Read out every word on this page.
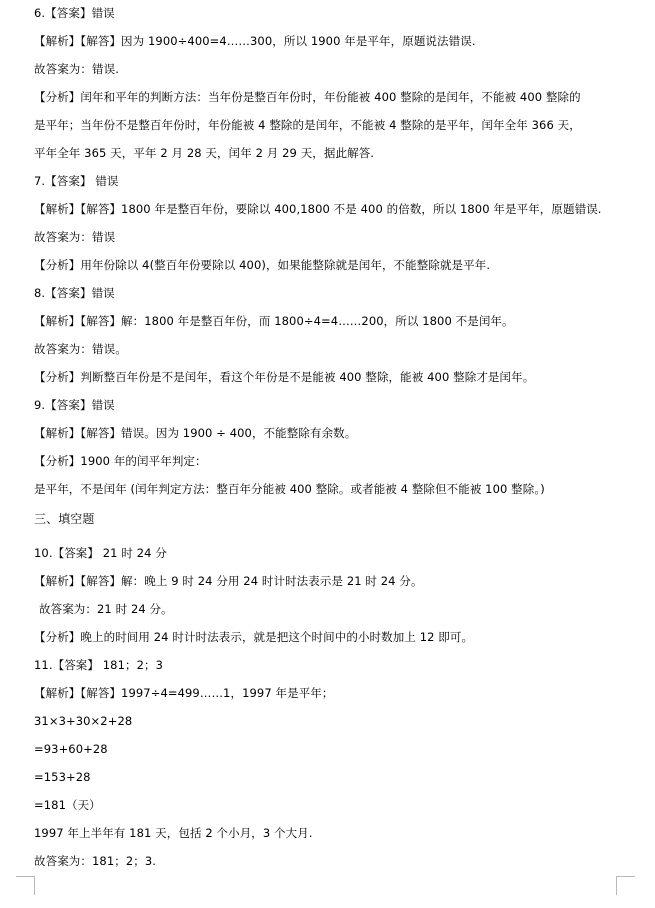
6.【答案】错误
【解析】【解答】因为 1900÷400=4……300，所以 1900 年是平年，原题说法错误.
故答案为：错误.
【分析】闰年和平年的判断方法：当年份是整百年份时，年份能被 400 整除的是闰年，不能被 400 整除的
是平年；当年份不是整百年份时，年份能被 4 整除的是闰年，不能被 4 整除的是平年，闰年全年 366 天，
平年全年 365 天，平年 2 月 28 天，闰年 2 月 29 天，据此解答.
7.【答案】 错误
【解析】【解答】1800 年是整百年份，要除以 400,1800 不是 400 的倍数，所以 1800 年是平年，原题错误.
故答案为：错误
【分析】用年份除以 4(整百年份要除以 400)，如果能整除就是闰年，不能整除就是平年.
8.【答案】错误
【解析】【解答】解：1800 年是整百年份，而 1800÷4=4……200，所以 1800 不是闰年。
故答案为：错误。
【分析】判断整百年份是不是闰年，看这个年份是不是能被 400 整除，能被 400 整除才是闰年。
9.【答案】错误
【解析】【解答】错误。因为 1900 ÷ 400，不能整除有余数。
【分析】1900 年的闰平年判定：
是平年，不是闰年 (闰年判定方法：整百年分能被 400 整除。或者能被 4 整除但不能被 100 整除。)
三、填空题
10.【答案】 21 时 24 分
【解析】【解答】解：晚上 9 时 24 分用 24 时计时法表示是 21 时 24 分。
故答案为：21 时 24 分。
【分析】晚上的时间用 24 时计时法表示，就是把这个时间中的小时数加上 12 即可。
11.【答案】 181；2；3
【解析】【解答】1997÷4=499……1，1997 年是平年；
31×3+30×2+28
=93+60+28
=153+28
=181（天）
1997 年上半年有 181 天，包括 2 个小月，3 个大月.
故答案为：181；2；3.
